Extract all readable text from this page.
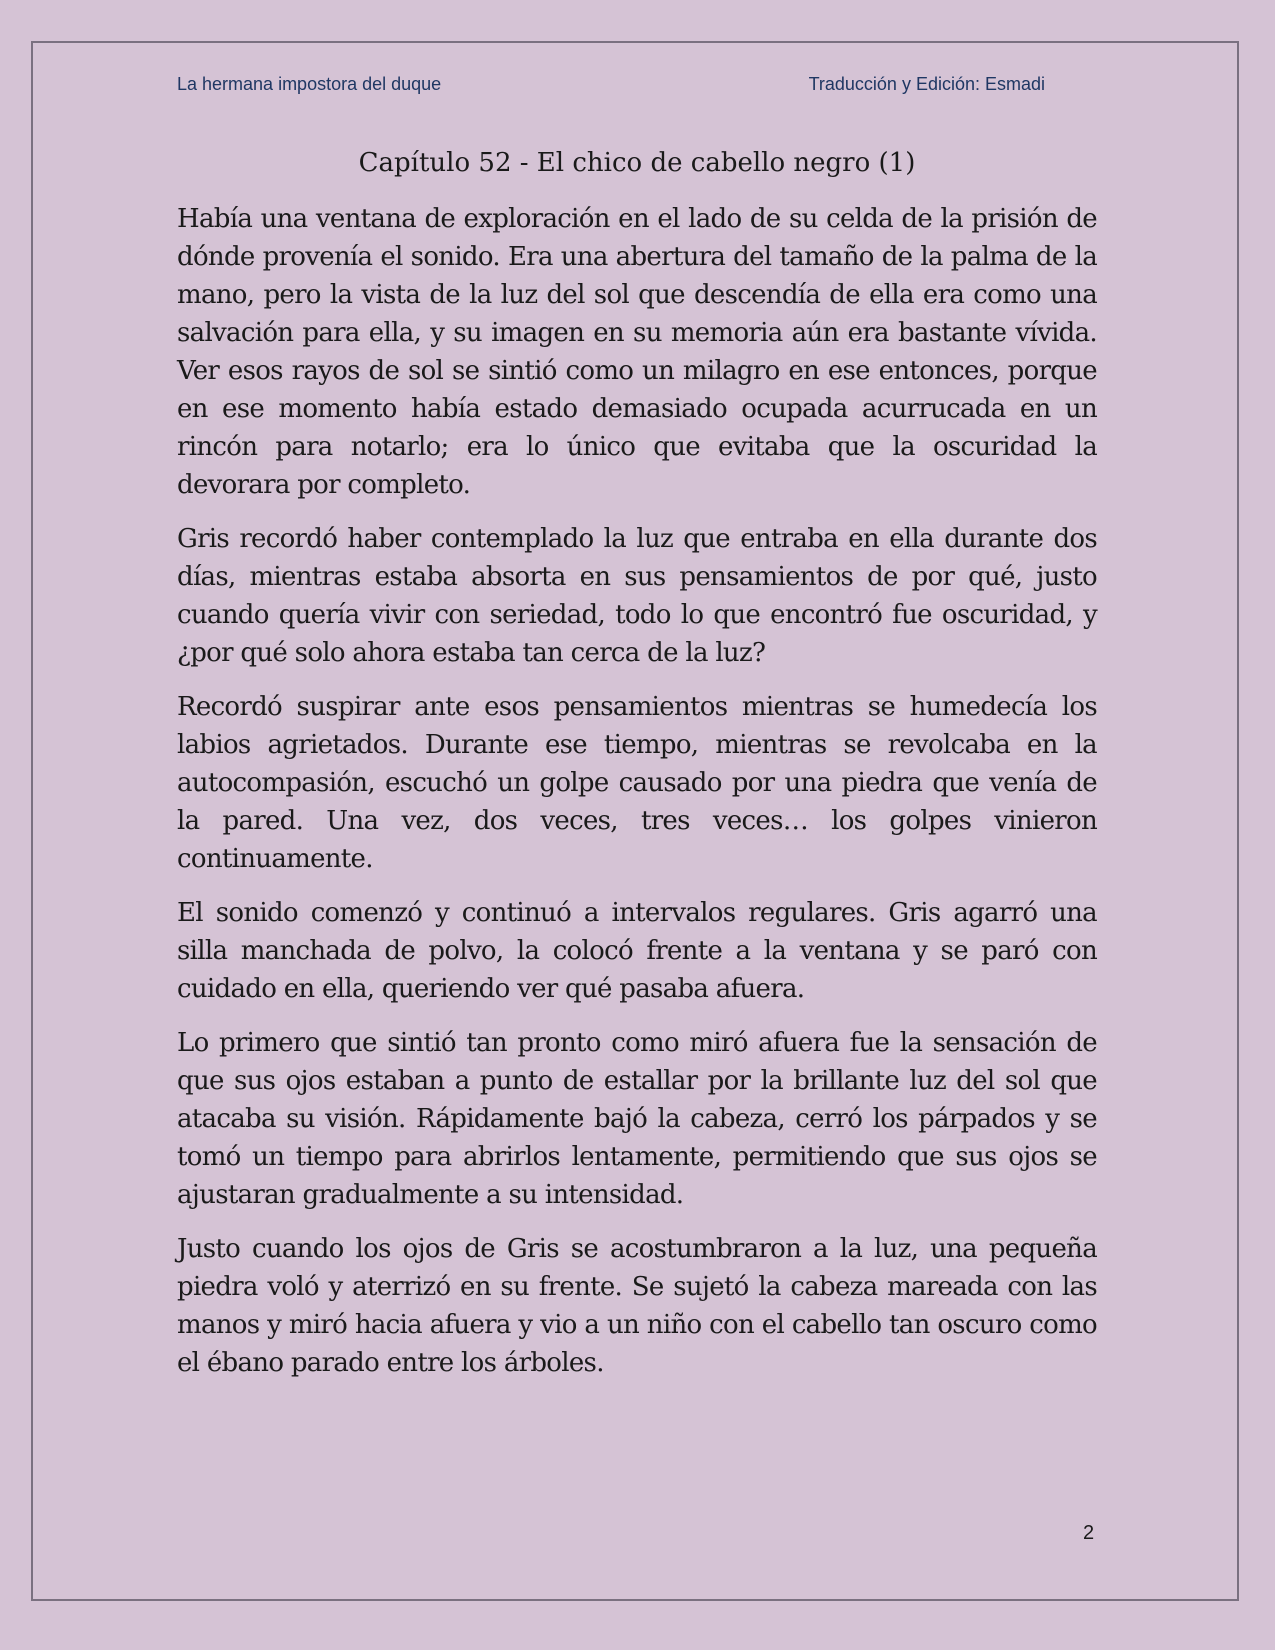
La hermana impostora del duque	Traducción y Edición: Esmadi
Capítulo 52 - El chico de cabello negro (1)

Había una ventana de exploración en el lado de su celda de la prisión de dónde provenía el sonido. Era una abertura del tamaño de la palma de la mano, pero la vista de la luz del sol que descendía de ella era como una salvación para ella, y su imagen en su memoria aún era bastante vívida. Ver esos rayos de sol se sintió como un milagro en ese entonces, porque en ese momento había estado demasiado ocupada acurrucada en un rincón para notarlo; era lo único que evitaba que la oscuridad la devorara por completo.

Gris recordó haber contemplado la luz que entraba en ella durante dos días, mientras estaba absorta en sus pensamientos de por qué, justo cuando quería vivir con seriedad, todo lo que encontró fue oscuridad, y ¿por qué solo ahora estaba tan cerca de la luz?

Recordó suspirar ante esos pensamientos mientras se humedecía los labios agrietados. Durante ese tiempo, mientras se revolcaba en la autocompasión, escuchó un golpe causado por una piedra que venía de la pared. Una vez, dos veces, tres veces… los golpes vinieron continuamente.

El sonido comenzó y continuó a intervalos regulares. Gris agarró una silla manchada de polvo, la colocó frente a la ventana y se paró con cuidado en ella, queriendo ver qué pasaba afuera.

Lo primero que sintió tan pronto como miró afuera fue la sensación de que sus ojos estaban a punto de estallar por la brillante luz del sol que atacaba su visión. Rápidamente bajó la cabeza, cerró los párpados y se tomó un tiempo para abrirlos lentamente, permitiendo que sus ojos se ajustaran gradualmente a su intensidad.

Justo cuando los ojos de Gris se acostumbraron a la luz, una pequeña piedra voló y aterrizó en su frente. Se sujetó la cabeza mareada con las manos y miró hacia afuera y vio a un niño con el cabello tan oscuro como el ébano parado entre los árboles.

2
